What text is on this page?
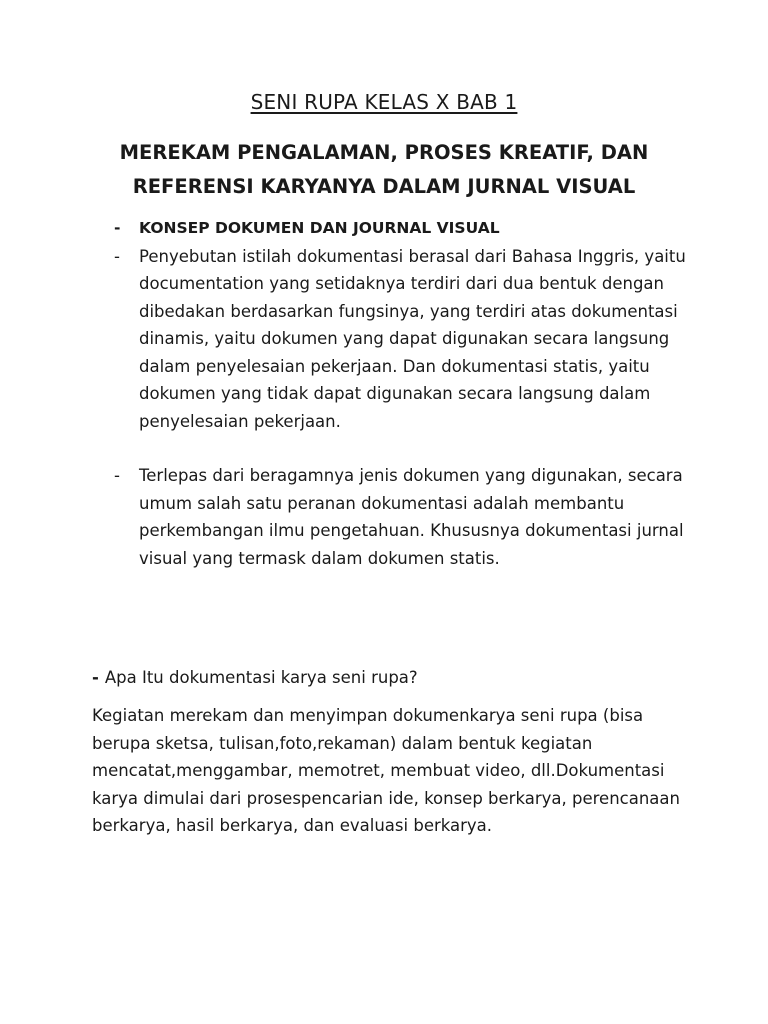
SENI RUPA KELAS X BAB 1
MEREKAM PENGALAMAN, PROSES KREATIF, DAN
REFERENSI KARYANYA DALAM JURNAL VISUAL
- KONSEP DOKUMEN DAN JOURNAL VISUAL
- Penyebutan istilah dokumentasi berasal dari Bahasa Inggris, yaitu documentation yang setidaknya terdiri dari dua bentuk dengan dibedakan berdasarkan fungsinya, yang terdiri atas dokumentasi dinamis, yaitu dokumen yang dapat digunakan secara langsung dalam penyelesaian pekerjaan. Dan dokumentasi statis, yaitu dokumen yang tidak dapat digunakan secara langsung dalam penyelesaian pekerjaan.
- Terlepas dari beragamnya jenis dokumen yang digunakan, secara umum salah satu peranan dokumentasi adalah membantu perkembangan ilmu pengetahuan. Khususnya dokumentasi jurnal visual yang termask dalam dokumen statis.
- Apa Itu dokumentasi karya seni rupa?

Kegiatan merekam dan menyimpan dokumenkarya seni rupa (bisa berupa sketsa, tulisan,foto,rekaman) dalam bentuk kegiatan mencatat,menggambar, memotret, membuat video, dll.Dokumentasi karya dimulai dari prosespencarian ide, konsep berkarya, perencanaan berkarya, hasil berkarya, dan evaluasi berkarya.
